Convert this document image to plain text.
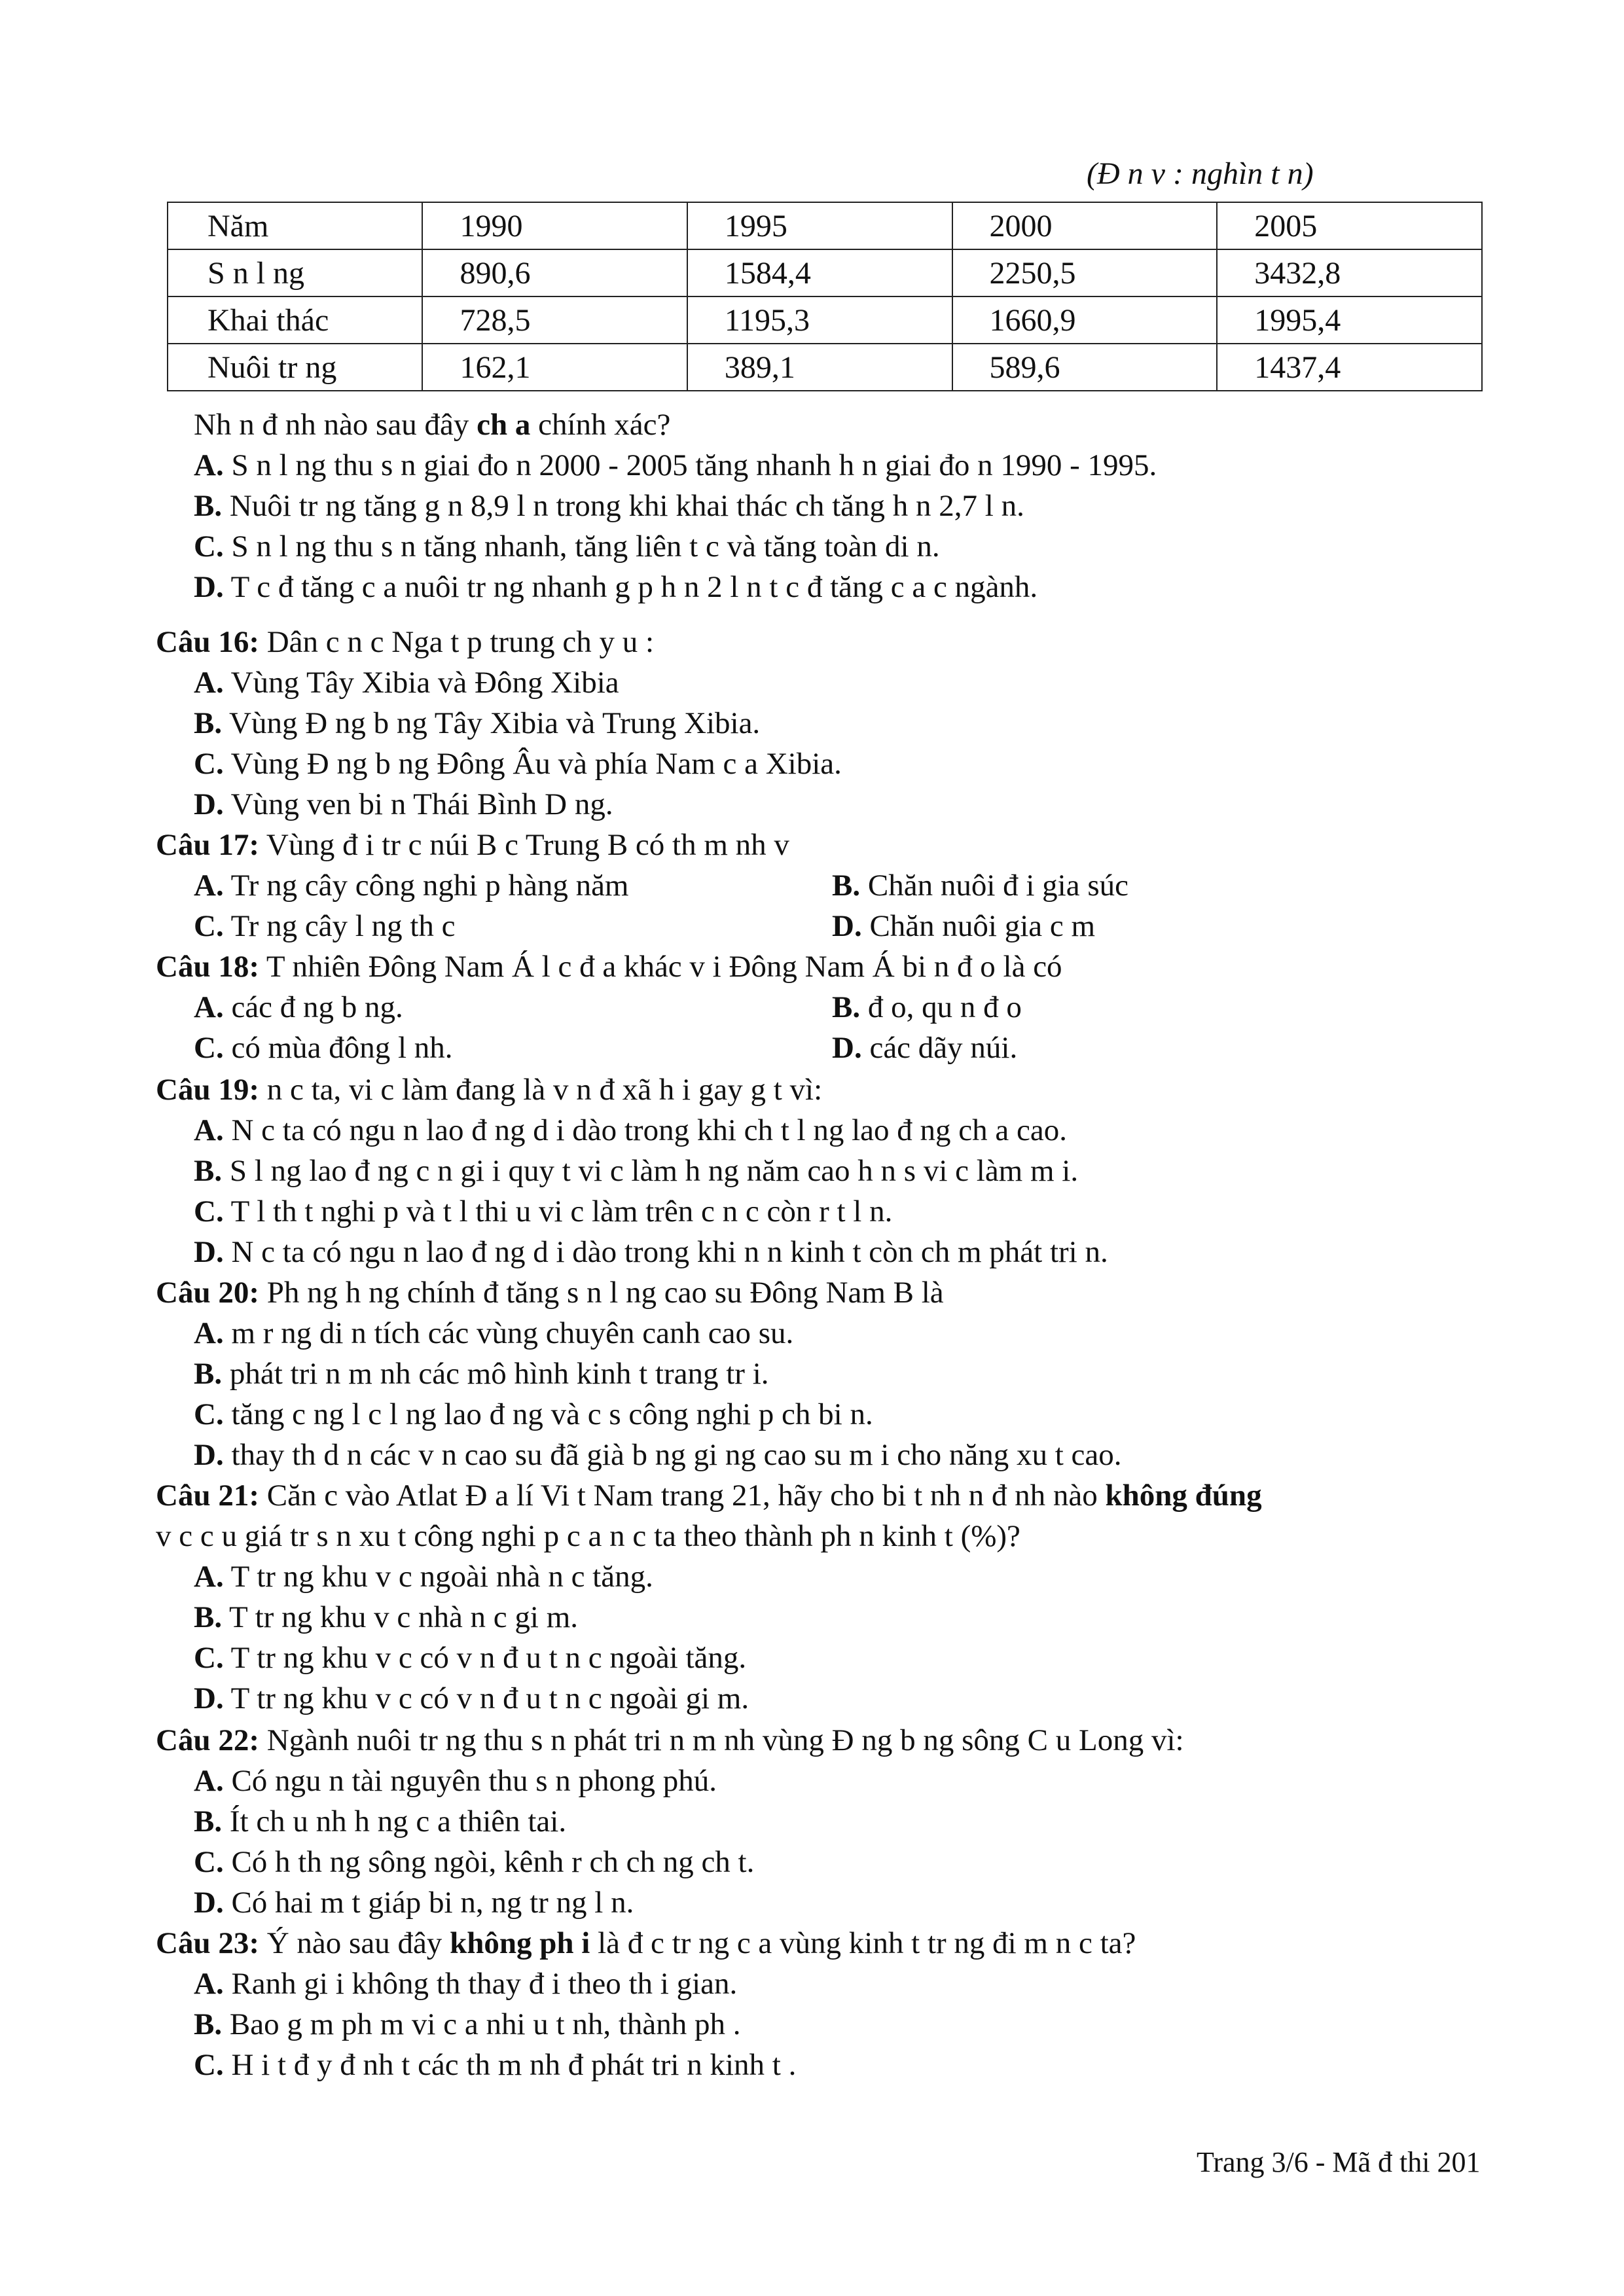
(Đ n v : nghìn t n)
Năm	1990	1995	2000	2005
S n l ng	890,6	1584,4	2250,5	3432,8
Khai thác	728,5	1195,3	1660,9	1995,4
Nuôi tr ng	162,1	389,1	589,6	1437,4
Nh n đ nh nào sau đây ch a chính xác?
A. S n l ng thu s n giai đo n 2000 - 2005 tăng nhanh h n giai đo n 1990 - 1995.
B. Nuôi tr ng tăng g n 8,9 l n trong khi khai thác ch tăng h n 2,7 l n.
C. S n l ng thu s n tăng nhanh, tăng liên t c và tăng toàn di n.
D. T c đ tăng c a nuôi tr ng nhanh g p h n 2 l n t c đ tăng c a c ngành.
Câu 16: Dân c n c Nga t p trung ch y u :
A. Vùng Tây Xibia và Đông Xibia
B. Vùng Đ ng b ng Tây Xibia và Trung Xibia.
C. Vùng Đ ng b ng Đông Âu và phía Nam c a Xibia.
D. Vùng ven bi n Thái Bình D ng.
Câu 17: Vùng đ i tr c núi B c Trung B có th m nh v
A. Tr ng cây công nghi p hàng năm	B. Chăn nuôi đ i gia súc
C. Tr ng cây l ng th c	D. Chăn nuôi gia c m
Câu 18: T nhiên Đông Nam Á l c đ a khác v i Đông Nam Á bi n đ o là có
A. các đ ng b ng.	B. đ o, qu n đ o
C. có mùa đông l nh.	D. các dãy núi.
Câu 19: n c ta, vi c làm đang là v n đ xã h i gay g t vì:
A. N c ta có ngu n lao đ ng d i dào trong khi ch t l ng lao đ ng ch a cao.
B. S l ng lao đ ng c n gi i quy t vi c làm h ng năm cao h n s vi c làm m i.
C. T l th t nghi p và t l thi u vi c làm trên c n c còn r t l n.
D. N c ta có ngu n lao đ ng d i dào trong khi n n kinh t còn ch m phát tri n.
Câu 20: Ph ng h ng chính đ tăng s n l ng cao su Đông Nam B là
A. m r ng di n tích các vùng chuyên canh cao su.
B. phát tri n m nh các mô hình kinh t trang tr i.
C. tăng c ng l c l ng lao đ ng và c s công nghi p ch bi n.
D. thay th d n các v n cao su đã già b ng gi ng cao su m i cho năng xu t cao.
Câu 21: Căn c vào Atlat Đ a lí Vi t Nam trang 21, hãy cho bi t nh n đ nh nào không đúng
v c c u giá tr s n xu t công nghi p c a n c ta theo thành ph n kinh t (%)?
A. T tr ng khu v c ngoài nhà n c tăng.
B. T tr ng khu v c nhà n c gi m.
C. T tr ng khu v c có v n đ u t n c ngoài tăng.
D. T tr ng khu v c có v n đ u t n c ngoài gi m.
Câu 22: Ngành nuôi tr ng thu s n phát tri n m nh vùng Đ ng b ng sông C u Long vì:
A. Có ngu n tài nguyên thu s n phong phú.
B. Ít ch u nh h ng c a thiên tai.
C. Có h th ng sông ngòi, kênh r ch ch ng ch t.
D. Có hai m t giáp bi n, ng tr ng l n.
Câu 23: Ý nào sau đây không ph i là đ c tr ng c a vùng kinh t tr ng đi m n c ta?
A. Ranh gi i không th thay đ i theo th i gian.
B. Bao g m ph m vi c a nhi u t nh, thành ph .
C. H i t đ y đ nh t các th m nh đ phát tri n kinh t .
Trang 3/6 - Mã đ thi 201
